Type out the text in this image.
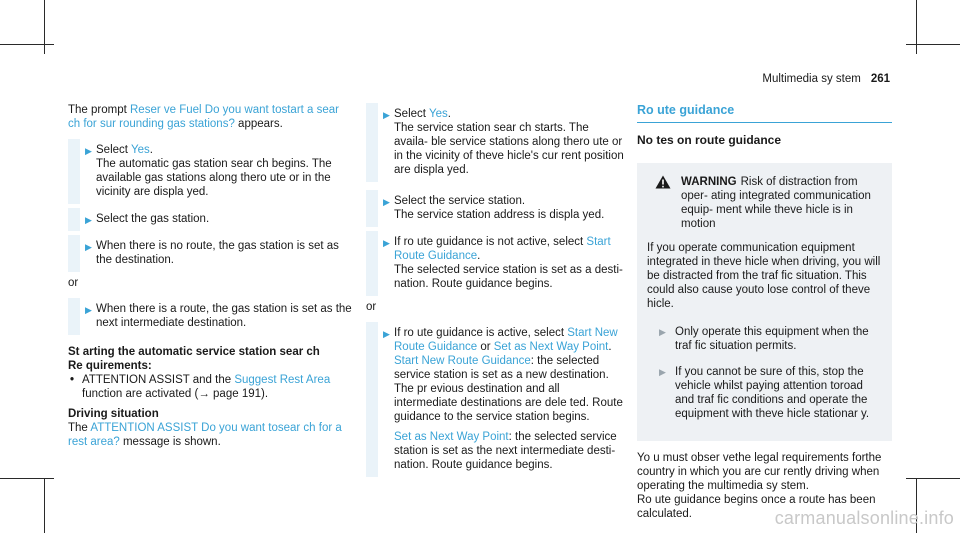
Multimedia sy stem 261

The prompt Reser ve Fuel Do you want tostart a sear ch for sur rounding gas stations? appears.

▶ Select Yes.

The automatic gas station sear ch begins. The available gas stations along thero ute or in the vicinity are displa yed.

▶ Select the gas station.

▶ When there is no route, the gas station is set as the destination.

or

▶ When there is a route, the gas station is set as the next intermediate destination.

St arting the automatic service station sear ch

Re quirements:

• ATTENTION ASSIST and the Suggest Rest Area function are activated (→ page 191).

Driving situation

The ATTENTION ASSIST Do you want tosear ch for a rest area? message is shown.

▶ Select Yes.

The service station sear ch starts. The availa- ble service stations along thero ute or in the vicinity of theve hicle's cur rent position are displa yed.

▶ Select the service station.

The service station address is displa yed.

▶ If ro ute guidance is not active, select Start Route Guidance.

The selected service station is set as a desti- nation. Route guidance begins.

or

▶ If ro ute guidance is active, select Start New Route Guidance or Set as Next Way Point.

Start New Route Guidance: the selected service station is set as a new destination. The pr evious destination and all intermediate destinations are dele ted. Route guidance to the service station begins.

Set as Next Way Point: the selected service station is set as the next intermediate desti- nation. Route guidance begins.

Ro ute guidance
No tes on route guidance
WARNING Risk of distraction from oper- ating integrated communication equip- ment while theve hicle is in motion

If you operate communication equipment integrated in theve hicle when driving, you will be distracted from the traf fic situation. This could also cause youto lose control of theve hicle.

▶ Only operate this equipment when the traf fic situation permits.

▶ If you cannot be sure of this, stop the vehicle whilst paying attention toroad and traf fic conditions and operate the equipment with theve hicle stationar y.

Yo u must obser vethe legal requirements forthe country in which you are cur rently driving when operating the multimedia sy stem.

Ro ute guidance begins once a route has been calculated.	carmanualsonline.info
